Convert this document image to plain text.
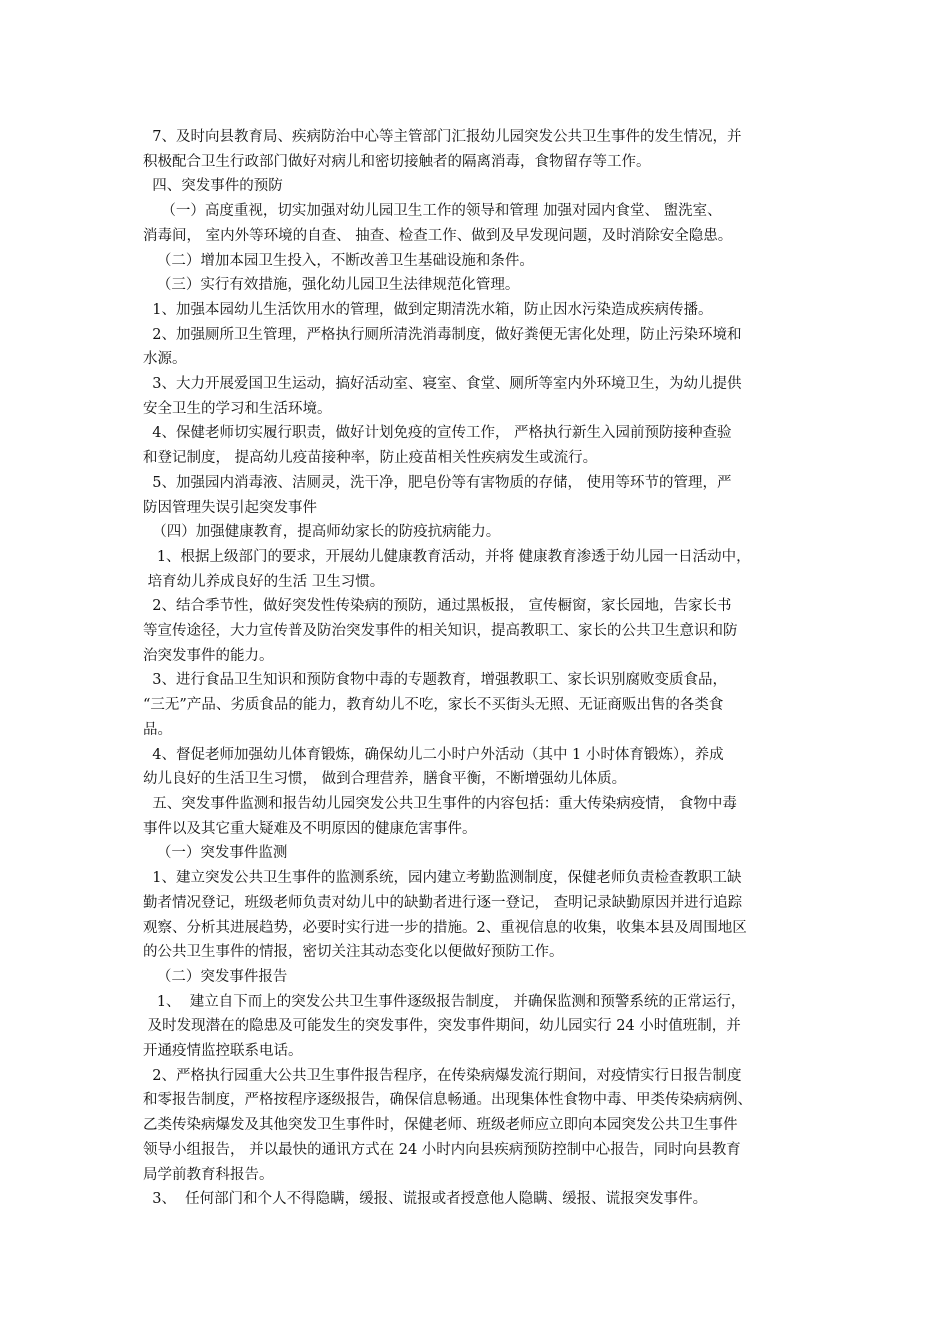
7、及时向县教育局、疾病防治中心等主管部门汇报幼儿园突发公共卫生事件的发生情况，并
积极配合卫生行政部门做好对病儿和密切接触者的隔离消毒，食物留存等工作。
四、突发事件的预防
（一）高度重视，切实加强对幼儿园卫生工作的领导和管理 加强对园内食堂、 盥洗室、
消毒间， 室内外等环境的自查、 抽查、检查工作、做到及早发现问题，及时消除安全隐患。
（二）增加本园卫生投入，不断改善卫生基础设施和条件。
（三）实行有效措施，强化幼儿园卫生法律规范化管理。
1、加强本园幼儿生活饮用水的管理，做到定期清洗水箱，防止因水污染造成疾病传播。
2、加强厕所卫生管理，严格执行厕所清洗消毒制度，做好粪便无害化处理，防止污染环境和
水源。
3、大力开展爱国卫生运动，搞好活动室、寝室、食堂、厕所等室内外环境卫生，为幼儿提供
安全卫生的学习和生活环境。
4、保健老师切实履行职责，做好计划免疫的宣传工作， 严格执行新生入园前预防接种查验
和登记制度， 提高幼儿疫苗接种率，防止疫苗相关性疾病发生或流行。
5、加强园内消毒液、洁厕灵，洗干净，肥皂份等有害物质的存储， 使用等环节的管理，严
防因管理失误引起突发事件
（四）加强健康教育，提高师幼家长的防疫抗病能力。
1、根据上级部门的要求，开展幼儿健康教育活动，并将 健康教育渗透于幼儿园一日活动中，
培育幼儿养成良好的生活 卫生习惯。
2、结合季节性，做好突发性传染病的预防，通过黑板报， 宣传橱窗，家长园地，告家长书
等宣传途径，大力宣传普及防治突发事件的相关知识，提高教职工、家长的公共卫生意识和防
治突发事件的能力。
3、进行食品卫生知识和预防食物中毒的专题教育，增强教职工、家长识别腐败变质食品，
“三无”产品、劣质食品的能力，教育幼儿不吃，家长不买街头无照、无证商贩出售的各类食
品。
4、督促老师加强幼儿体育锻炼，确保幼儿二小时户外活动（其中 1 小时体育锻炼），养成
幼儿良好的生活卫生习惯， 做到合理营养，膳食平衡，不断增强幼儿体质。
五、突发事件监测和报告幼儿园突发公共卫生事件的内容包括：重大传染病疫情， 食物中毒
事件以及其它重大疑难及不明原因的健康危害事件。
（一）突发事件监测
1、建立突发公共卫生事件的监测系统，园内建立考勤监测制度，保健老师负责检查教职工缺
勤者情况登记，班级老师负责对幼儿中的缺勤者进行逐一登记， 查明记录缺勤原因并进行追踪
观察、分析其进展趋势，必要时实行进一步的措施。2、重视信息的收集，收集本县及周围地区
的公共卫生事件的情报，密切关注其动态变化以便做好预防工作。
（二）突发事件报告
1、  建立自下而上的突发公共卫生事件逐级报告制度， 并确保监测和预警系统的正常运行，
及时发现潜在的隐患及可能发生的突发事件，突发事件期间，幼儿园实行 24 小时值班制，并
开通疫情监控联系电话。
2、严格执行园重大公共卫生事件报告程序，在传染病爆发流行期间，对疫情实行日报告制度
和零报告制度，严格按程序逐级报告，确保信息畅通。出现集体性食物中毒、甲类传染病病例、
乙类传染病爆发及其他突发卫生事件时，保健老师、班级老师应立即向本园突发公共卫生事件
领导小组报告， 并以最快的通讯方式在 24 小时内向县疾病预防控制中心报告，同时向县教育
局学前教育科报告。
3、  任何部门和个人不得隐瞒，缓报、谎报或者授意他人隐瞒、缓报、谎报突发事件。
